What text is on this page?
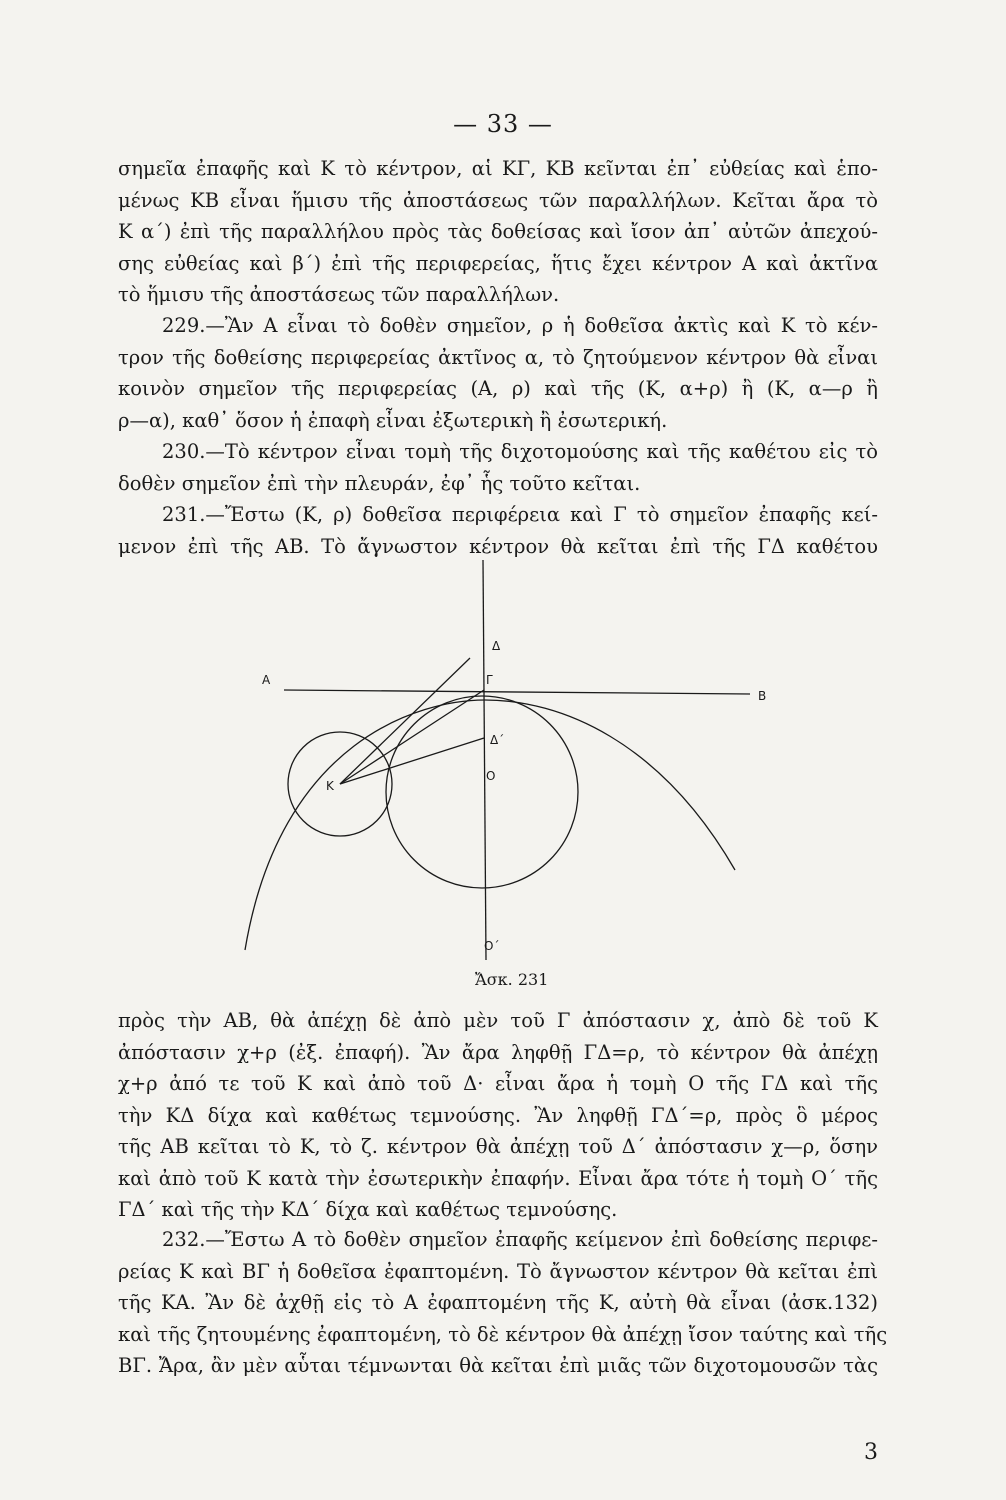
— 33 —

σημεῖα ἐπαφῆς καὶ Κ τὸ κέντρον, αἱ ΚΓ, ΚΒ κεῖνται ἐπ᾽ εὐθείας καὶ ἑπο-
μένως ΚΒ εἶναι ἥμισυ τῆς ἀποστάσεως τῶν παραλλήλων. Κεῖται ἄρα τὸ
Κ α΄) ἐπὶ τῆς παραλλήλου πρὸς τὰς δοθείσας καὶ ἴσον ἀπ᾽ αὐτῶν ἀπεχού-
σης εὐθείας καὶ β΄) ἐπὶ τῆς περιφερείας, ἥτις ἔχει κέντρον Α καὶ ἀκτῖνα
τὸ ἥμισυ τῆς ἀποστάσεως τῶν παραλλήλων.

229.—Ἂν Α εἶναι τὸ δοθὲν σημεῖον, ρ ἡ δοθεῖσα ἀκτὶς καὶ Κ τὸ κέν-
τρον τῆς δοθείσης περιφερείας ἀκτῖνος α, τὸ ζητούμενον κέντρον θὰ εἶναι
κοινὸν σημεῖον τῆς περιφερείας (Α, ρ) καὶ τῆς (Κ, α+ρ) ἢ (Κ, α—ρ ἢ
ρ—α), καθ᾽ ὅσον ἡ ἐπαφὴ εἶναι ἐξωτερικὴ ἢ ἐσωτερική.

230.—Τὸ κέντρον εἶναι τομὴ τῆς διχοτομούσης καὶ τῆς καθέτου εἰς τὸ
δοθὲν σημεῖον ἐπὶ τὴν πλευράν, ἐφ᾽ ἧς τοῦτο κεῖται.

231.—Ἔστω (Κ, ρ) δοθεῖσα περιφέρεια καὶ Γ τὸ σημεῖον ἐπαφῆς κεί-
μενον ἐπὶ τῆς ΑΒ. Τὸ ἄγνωστον κέντρον θὰ κεῖται ἐπὶ τῆς ΓΔ καθέτου

A
B
Γ
Δ
Δ΄
K
O
O΄
Ἄσκ. 231

πρὸς τὴν ΑΒ, θὰ ἀπέχῃ δὲ ἀπὸ μὲν τοῦ Γ ἀπόστασιν χ, ἀπὸ δὲ τοῦ Κ
ἀπόστασιν χ+ρ (ἐξ. ἐπαφή). Ἂν ἄρα ληφθῇ ΓΔ=ρ, τὸ κέντρον θὰ ἀπέχῃ
χ+ρ ἀπό τε τοῦ Κ καὶ ἀπὸ τοῦ Δ· εἶναι ἄρα ἡ τομὴ Ο τῆς ΓΔ καὶ τῆς
τὴν ΚΔ δίχα καὶ καθέτως τεμνούσης. Ἂν ληφθῇ ΓΔ΄=ρ, πρὸς ὃ μέρος
τῆς ΑΒ κεῖται τὸ Κ, τὸ ζ. κέντρον θὰ ἀπέχῃ τοῦ Δ΄ ἀπόστασιν χ—ρ, ὅσην
καὶ ἀπὸ τοῦ Κ κατὰ τὴν ἐσωτερικὴν ἐπαφήν. Εἶναι ἄρα τότε ἡ τομὴ Ο΄ τῆς
ΓΔ΄ καὶ τῆς τὴν ΚΔ΄ δίχα καὶ καθέτως τεμνούσης.

232.—Ἔστω Α τὸ δοθὲν σημεῖον ἐπαφῆς κείμενον ἐπὶ δοθείσης περιφε-
ρείας Κ καὶ ΒΓ ἡ δοθεῖσα ἐφαπτομένη. Τὸ ἄγνωστον κέντρον θὰ κεῖται ἐπὶ
τῆς ΚΑ. Ἂν δὲ ἀχθῇ εἰς τὸ Α ἐφαπτομένη τῆς Κ, αὐτὴ θὰ εἶναι (ἀσκ.132)
καὶ τῆς ζητουμένης ἐφαπτομένη, τὸ δὲ κέντρον θὰ ἀπέχῃ ἴσον ταύτης καὶ τῆς
ΒΓ. Ἄρα, ἂν μὲν αὗται τέμνωνται θὰ κεῖται ἐπὶ μιᾶς τῶν διχοτομουσῶν τὰς

3
